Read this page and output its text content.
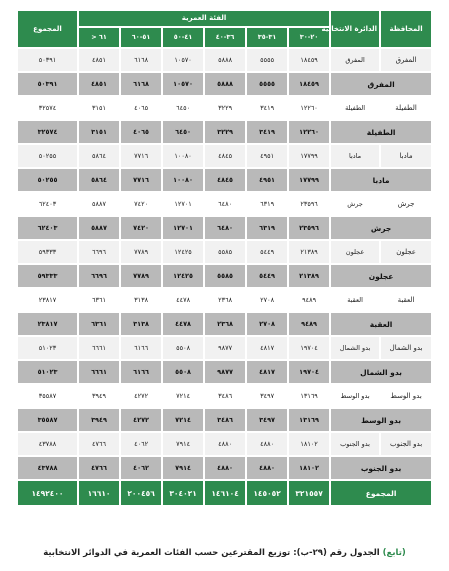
المحافظة	الدائرة الانتخابية	الفئة العمرية						المجموع
		٢٠-٣٠	٣١-٣٥	٣٦-٤٠	٤١-٥٠	٥١-٦٠	٦١ <	
المفرق	المفرق	١٨٤٥٩	٥٥٥٥	٥٨٨٨	١٠٥٧٠	٦١٦٨	٤٨٥١	٥٠٣٩١
المفرق		١٨٤٥٩	٥٥٥٥	٥٨٨٨	١٠٥٧٠	٦١٦٨	٤٨٥١	٥٠٣٩١
الطفيلة	الطفيلة	١٢٢٦٠	٣٤١٩	٣٢٢٩	٦٤٥٠	٤٠٦٥	٣١٥١	٣٢٥٧٤
الطفيلة		١٢٢٦٠	٣٤١٩	٣٢٢٩	٦٤٥٠	٤٠٦٥	٣١٥١	٣٢٥٧٤
مادبا	مادبا	١٧٧٩٩	٤٩٥١	٤٨٤٥	١٠٠٨٠	٧٧١٦	٥٨٦٤	٥٠٢٥٥
مادبا		١٧٧٩٩	٤٩٥١	٤٨٤٥	١٠٠٨٠	٧٧١٦	٥٨٦٤	٥٠٢٥٥
جرش	جرش	٢٣٥٩٦	٦٣١٩	٦٤٨٠	١٢٧٠١	٧٤٢٠	٥٨٨٧	٦٢٤٠٣
جرش		٢٣٥٩٦	٦٣١٩	٦٤٨٠	١٢٧٠١	٧٤٢٠	٥٨٨٧	٦٢٤٠٣
عجلون	عجلون	٢١٣٨٩	٥٤٤٩	٥٥٨٥	١٢٤٢٥	٧٧٨٩	٦٦٩٦	٥٩٣٣٣
عجلون		٢١٣٨٩	٥٤٤٩	٥٥٨٥	١٢٤٢٥	٧٧٨٩	٦٦٩٦	٥٩٣٣٣
العقبة	العقبة	٩٤٨٩	٢٧٠٨	٢٣٦٨	٤٤٧٨	٣١٣٨	٦٣٦١	٢٣٨١٧
العقبة		٩٤٨٩	٢٧٠٨	٢٣٦٨	٤٤٧٨	٣١٣٨	٦٣٦١	٢٣٨١٧
بدو الشمال	بدو الشمال	١٩٧٠٤	٤٨١٧	٩٨٧٧	٥٥٠٨	٦١٦٦	٦٦٦١	٥١٠٢٣
بدو الشمال		١٩٧٠٤	٤٨١٧	٩٨٧٧	٥٥٠٨	٦١٦٦	٦٦٦١	٥١٠٢٣
بدو الوسط	بدو الوسط	١٣١٦٩	٣٤٩٧	٣٤٨٦	٧٢١٤	٤٢٧٢	٣٩٤٩	٣٥٥٨٧
بدو الوسط		١٣١٦٩	٣٤٩٧	٣٤٨٦	٧٢١٤	٤٢٧٢	٣٩٤٩	٣٥٥٨٧
بدو الجنوب	بدو الجنوب	١٨١٠٢	٤٨٨٠	٤٨٨٠	٧٩١٤	٤٠٦٢	٤٧٦٦	٤٣٧٨٨
بدو الجنوب		١٨١٠٢	٤٨٨٠	٤٨٨٠	٧٩١٤	٤٠٦٢	٤٧٦٦	٤٣٧٨٨
المجموع		٣٢١٥٥٧	١٤٥٠٥٢	١٤٦١٠٤	٣٠٤٠٢١	٢٠٠٤٥٦	١٦٦١٠	١٤٩٢٤٠٠
(تابع) الجدول رقم (٢٩-ب): توزيع المقترعين حسب الفئات العمرية في الدوائر الانتخابية
